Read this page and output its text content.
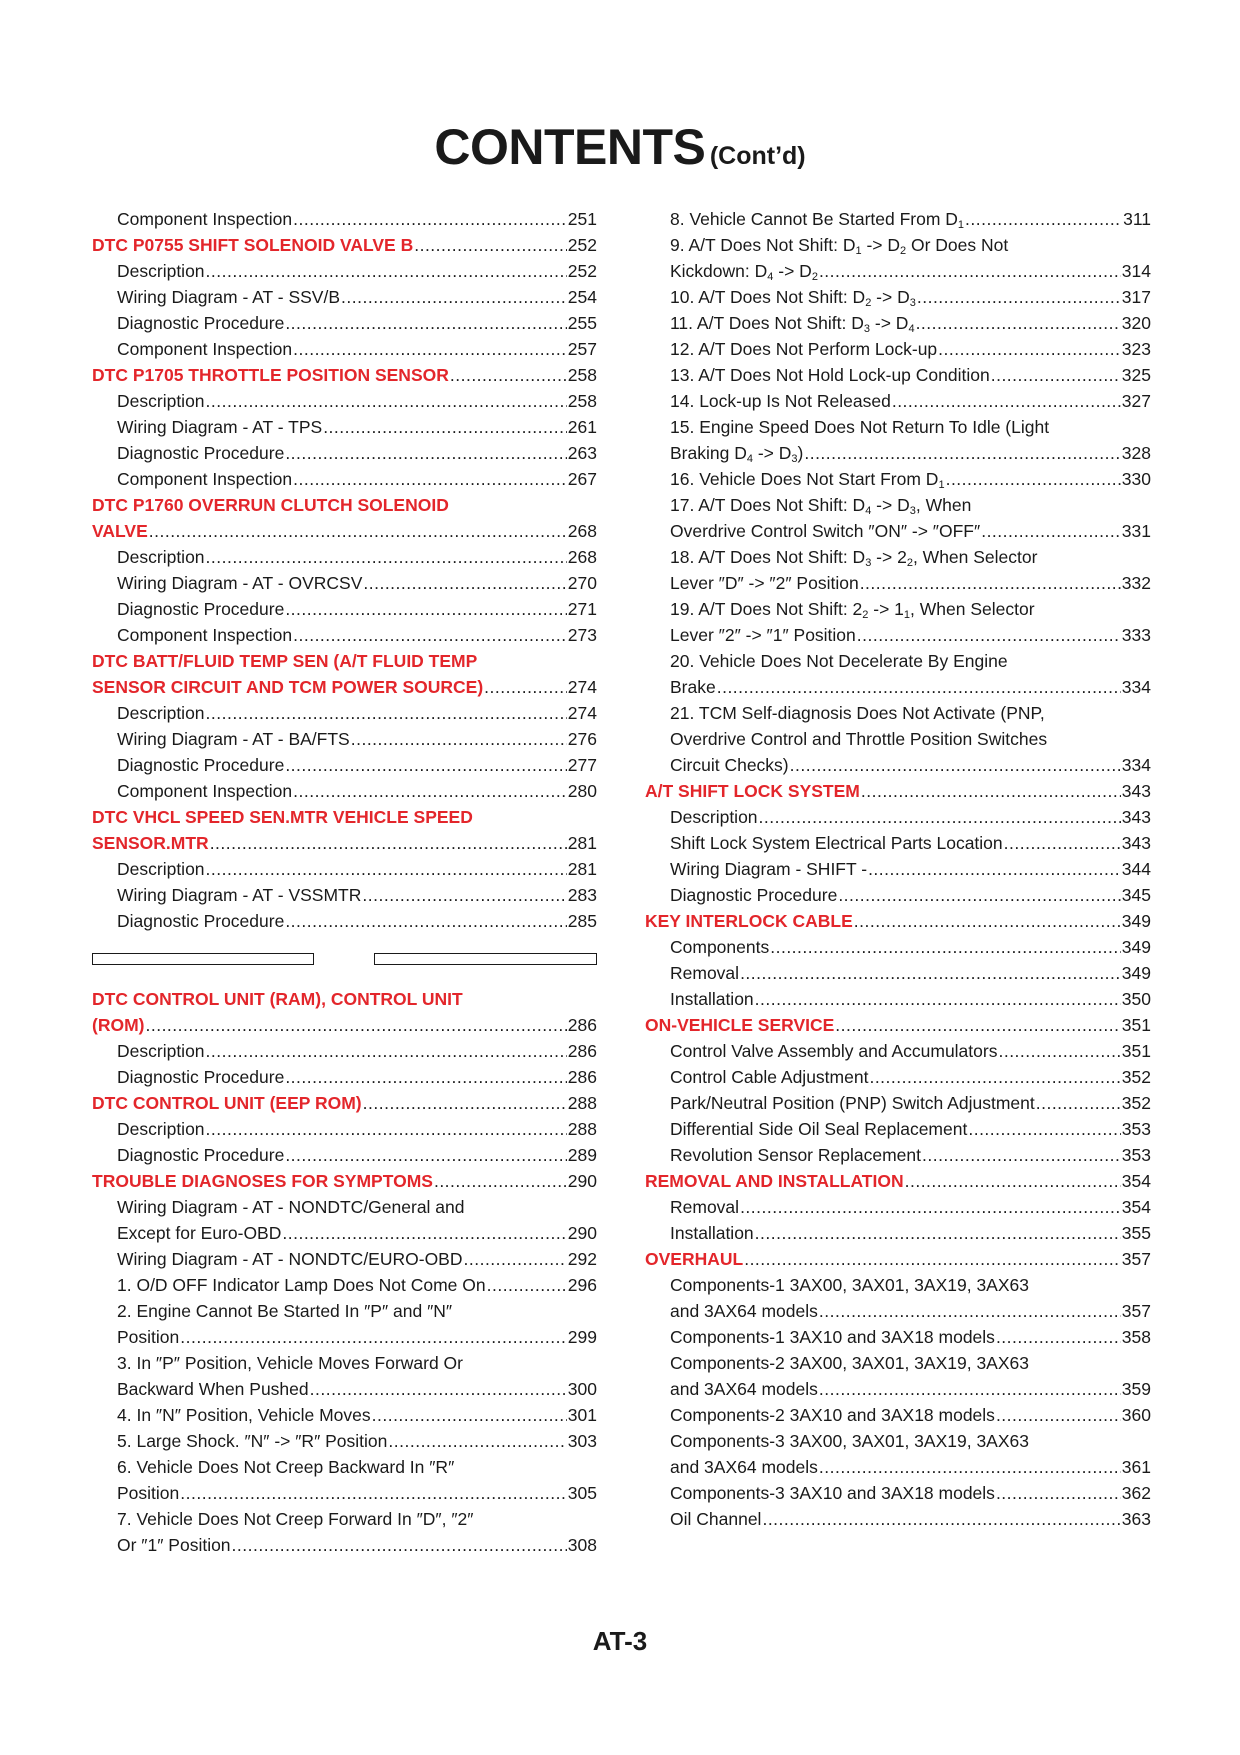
CONTENTS (Cont’d)
Component Inspection .....	251
DTC P0755 SHIFT SOLENOID VALVE B .....	252
Description .....	252
Wiring Diagram - AT - SSV/B .....	254
Diagnostic Procedure .....	255
Component Inspection .....	257
DTC P1705 THROTTLE POSITION SENSOR .....	258
Description .....	258
Wiring Diagram - AT - TPS .....	261
Diagnostic Procedure .....	263
Component Inspection .....	267
DTC P1760 OVERRUN CLUTCH SOLENOID
VALVE .....	268
Description .....	268
Wiring Diagram - AT - OVRCSV .....	270
Diagnostic Procedure .....	271
Component Inspection .....	273
DTC BATT/FLUID TEMP SEN (A/T FLUID TEMP
SENSOR CIRCUIT AND TCM POWER SOURCE) .....	274
Description .....	274
Wiring Diagram - AT - BA/FTS .....	276
Diagnostic Procedure .....	277
Component Inspection .....	280
DTC VHCL SPEED SEN.MTR VEHICLE SPEED
SENSOR.MTR .....	281
Description .....	281
Wiring Diagram - AT - VSSMTR .....	283
Diagnostic Procedure .....	285
DTC CONTROL UNIT (RAM), CONTROL UNIT
(ROM) .....	286
Description .....	286
Diagnostic Procedure .....	286
DTC CONTROL UNIT (EEP ROM) .....	288
Description .....	288
Diagnostic Procedure .....	289
TROUBLE DIAGNOSES FOR SYMPTOMS .....	290
Wiring Diagram - AT - NONDTC/General and
Except for Euro-OBD .....	290
Wiring Diagram - AT - NONDTC/EURO-OBD .....	292
1. O/D OFF Indicator Lamp Does Not Come On .....	296
2. Engine Cannot Be Started In ″P″ and ″N″
Position .....	299
3. In ″P″ Position, Vehicle Moves Forward Or
Backward When Pushed .....	300
4. In ″N″ Position, Vehicle Moves .....	301
5. Large Shock. ″N″ -> ″R″ Position .....	303
6. Vehicle Does Not Creep Backward In ″R″
Position .....	305
7. Vehicle Does Not Creep Forward In ″D″, ″2″
Or ″1″ Position .....	308
8. Vehicle Cannot Be Started From $D_1$ .....	311
9. A/T Does Not Shift: $D_1 -> D_2$ Or Does Not
Kickdown: $D_4 -> D_2$ .....	314
10. A/T Does Not Shift: $D_2 -> D_3$ .....	317
11. A/T Does Not Shift: $D_3 -> D_4$ .....	320
12. A/T Does Not Perform Lock-up .....	323
13. A/T Does Not Hold Lock-up Condition .....	325
14. Lock-up Is Not Released .....	327
15. Engine Speed Does Not Return To Idle (Light
Braking $D_4 -> D_3$) .....	328
16. Vehicle Does Not Start From $D_1$ .....	330
17. A/T Does Not Shift: $D_4 -> D_3$, When
Overdrive Control Switch ″ON″ -> ″OFF″ .....	331
18. A/T Does Not Shift: $D_3 -> 2_2$, When Selector
Lever ″D″ -> ″2″ Position .....	332
19. A/T Does Not Shift: $2_2 -> 1_1$, When Selector
Lever ″2″ -> ″1″ Position .....	333
20. Vehicle Does Not Decelerate By Engine
Brake .....	334
21. TCM Self-diagnosis Does Not Activate (PNP,
Overdrive Control and Throttle Position Switches
Circuit Checks) .....	334
A/T SHIFT LOCK SYSTEM .....	343
Description .....	343
Shift Lock System Electrical Parts Location .....	343
Wiring Diagram - SHIFT - .....	344
Diagnostic Procedure .....	345
KEY INTERLOCK CABLE .....	349
Components .....	349
Removal .....	349
Installation .....	350
ON-VEHICLE SERVICE .....	351
Control Valve Assembly and Accumulators .....	351
Control Cable Adjustment .....	352
Park/Neutral Position (PNP) Switch Adjustment .....	352
Differential Side Oil Seal Replacement .....	353
Revolution Sensor Replacement .....	353
REMOVAL AND INSTALLATION .....	354
Removal .....	354
Installation .....	355
OVERHAUL .....	357
Components-1 3AX00, 3AX01, 3AX19, 3AX63
and 3AX64 models .....	357
Components-1 3AX10 and 3AX18 models .....	358
Components-2 3AX00, 3AX01, 3AX19, 3AX63
and 3AX64 models .....	359
Components-2 3AX10 and 3AX18 models .....	360
Components-3 3AX00, 3AX01, 3AX19, 3AX63
and 3AX64 models .....	361
Components-3 3AX10 and 3AX18 models .....	362
Oil Channel .....	363
AT-3
